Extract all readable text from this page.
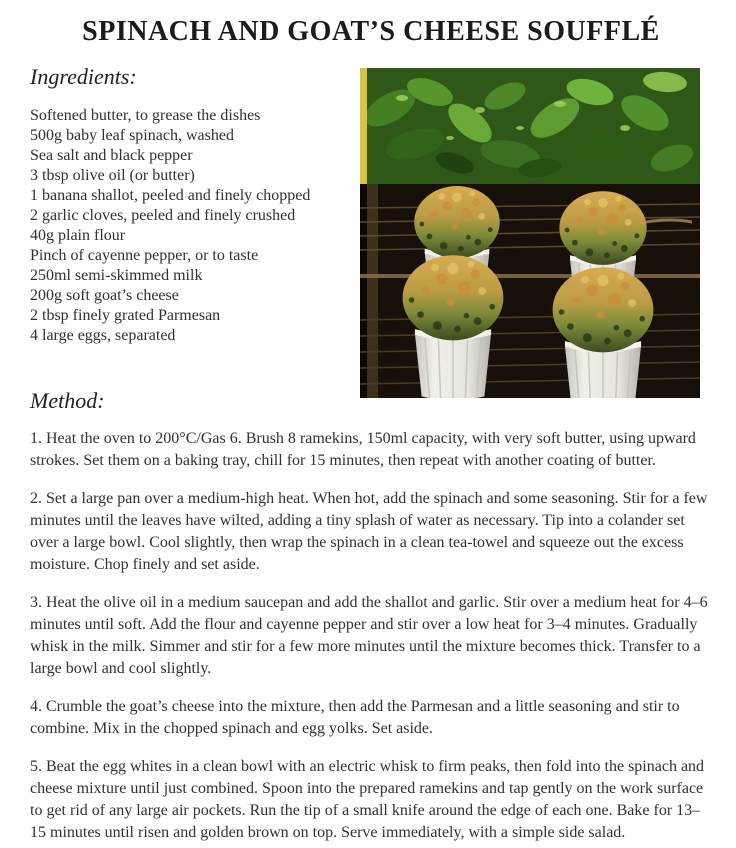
SPINACH AND GOAT’S CHEESE SOUFFLÉ
Ingredients:
Softened butter, to grease the dishes
500g baby leaf spinach, washed
Sea salt and black pepper
3 tbsp olive oil (or butter)
1 banana shallot, peeled and finely chopped
2 garlic cloves, peeled and finely crushed
40g plain flour
Pinch of cayenne pepper, or to taste
250ml semi-skimmed milk
200g soft goat’s cheese
2 tbsp finely grated Parmesan
4 large eggs, separated
Method:

1. Heat the oven to 200°C/Gas 6. Brush 8 ramekins, 150ml capacity, with very soft butter, using upward strokes. Set them on a baking tray, chill for 15 minutes, then repeat with another coating of butter.

2. Set a large pan over a medium-high heat. When hot, add the spinach and some seasoning. Stir for a few minutes until the leaves have wilted, adding a tiny splash of water as necessary. Tip into a colander set over a large bowl. Cool slightly, then wrap the spinach in a clean tea-towel and squeeze out the excess moisture. Chop finely and set aside.

3. Heat the olive oil in a medium saucepan and add the shallot and garlic. Stir over a medium heat for 4–6 minutes until soft. Add the flour and cayenne pepper and stir over a low heat for 3–4 minutes. Gradually whisk in the milk. Simmer and stir for a few more minutes until the mixture becomes thick. Transfer to a large bowl and cool slightly.

4. Crumble the goat’s cheese into the mixture, then add the Parmesan and a little seasoning and stir to combine. Mix in the chopped spinach and egg yolks. Set aside.

5. Beat the egg whites in a clean bowl with an electric whisk to firm peaks, then fold into the spinach and cheese mixture until just combined. Spoon into the prepared ramekins and tap gently on the work surface to get rid of any large air pockets. Run the tip of a small knife around the edge of each one. Bake for 13–15 minutes until risen and golden brown on top. Serve immediately, with a simple side salad.
